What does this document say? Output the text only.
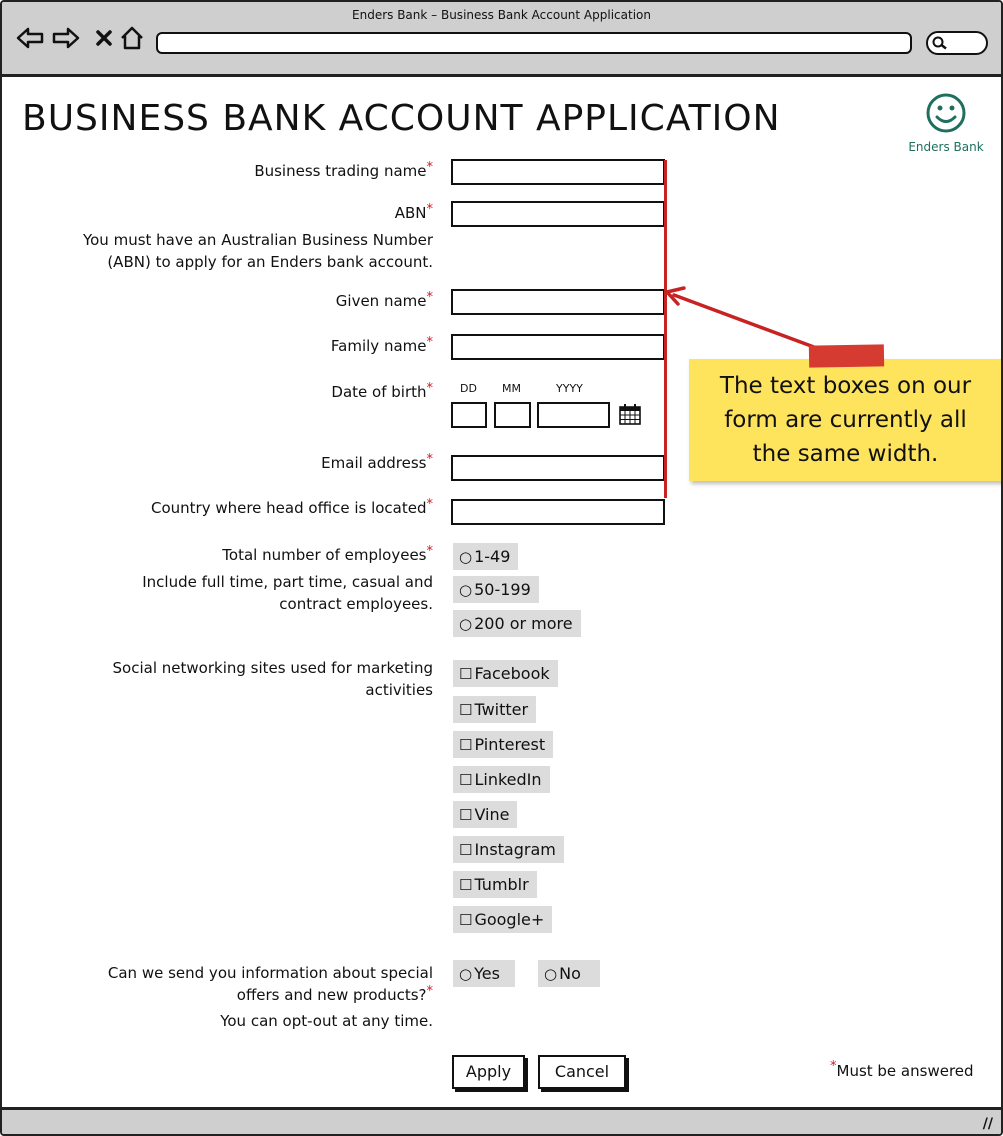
Enders Bank – Business Bank Account Application
BUSINESS BANK ACCOUNT APPLICATION
Enders Bank
Business trading name*
ABN*
You must have an Australian Business Number
(ABN) to apply for an Enders bank account.
Given name*
Family name*
Date of birth* DD MM	YYYY
Email address*
Country where head office is located*
Total number of employees*
Include full time, part time, casual and
contract employees.
○ 1-49
○ 50-199
○ 200 or more
Social networking sites used for marketing
activities
☐ Facebook
☐ Twitter
☐ Pinterest
☐ LinkedIn
☐ Vine
☐ Instagram
☐ Tumblr
☐ Google+
Can we send you information about special
offers and new products?*
You can opt-out at any time.
○ Yes	○ No
Apply	Cancel	*Must be answered
The text boxes on our
form are currently all
the same width.
//
